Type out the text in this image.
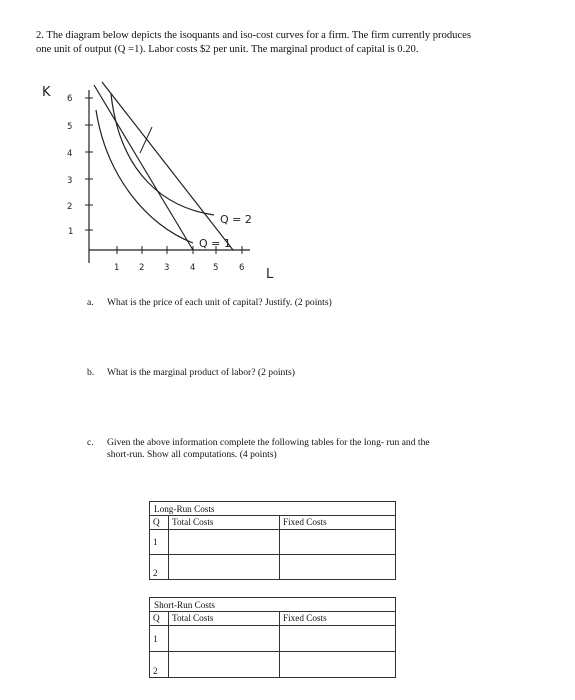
2. The diagram below depicts the isoquants and iso-cost curves for a firm. The firm currently produces
one unit of output (Q =1). Labor costs $2 per unit. The marginal product of capital is 0.20.
K
L
6
5
4
3
2
1
1 2 3 4 5 6
Q = 2
Q = 1
a. What is the price of each unit of capital? Justify. (2 points)
b. What is the marginal product of labor? (2 points)
c. Given the above information complete the following tables for the long- run and the
short-run. Show all computations. (4 points)
Long-Run Costs		
Q	Total Costs	Fixed Costs
1		
2		
Short-Run Costs		
Q	Total Costs	Fixed Costs
1		
2		
